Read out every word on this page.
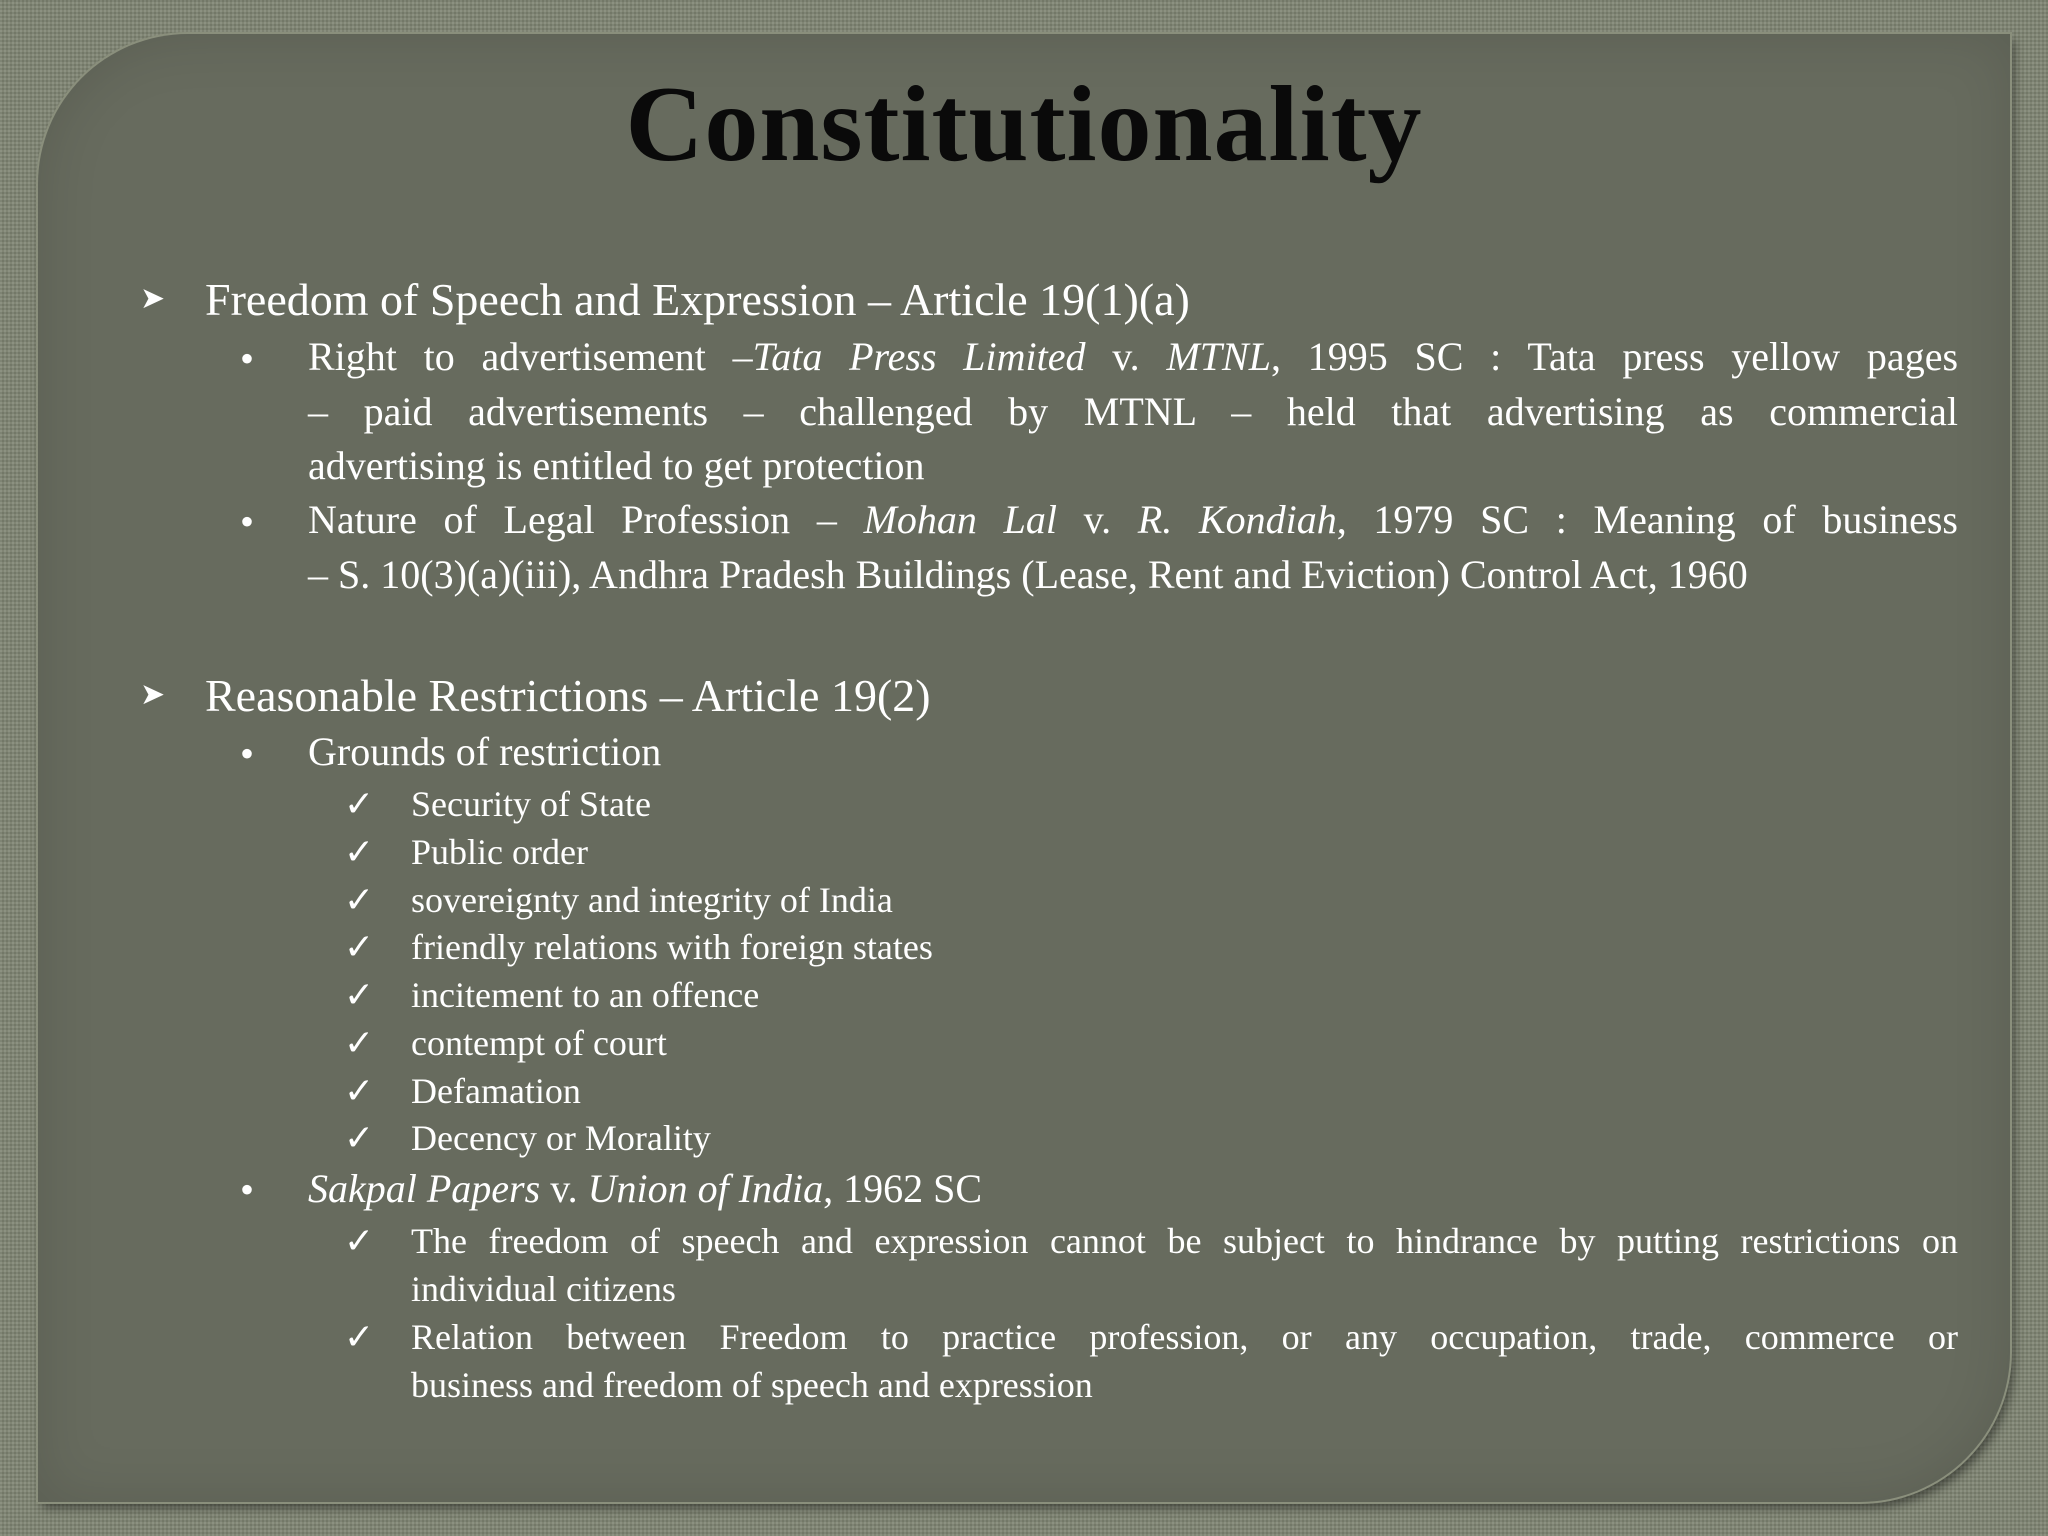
Constitutionality
➤ Freedom of Speech and Expression – Article 19(1)(a)
• Right to advertisement –Tata Press Limited v. MTNL, 1995 SC : Tata press yellow pages
– paid advertisements – challenged by MTNL – held that advertising as commercial
advertising is entitled to get protection
• Nature of Legal Profession – Mohan Lal v. R. Kondiah, 1979 SC : Meaning of business
– S. 10(3)(a)(iii), Andhra Pradesh Buildings (Lease, Rent and Eviction) Control Act, 1960
➤ Reasonable Restrictions – Article 19(2)
• Grounds of restriction
✓ Security of State
✓ Public order
✓ sovereignty and integrity of India
✓ friendly relations with foreign states
✓ incitement to an offence
✓ contempt of court
✓ Defamation
✓ Decency or Morality
• Sakpal Papers v. Union of India, 1962 SC
✓ The freedom of speech and expression cannot be subject to hindrance by putting restrictions on
individual citizens
✓ Relation between Freedom to practice profession, or any occupation, trade, commerce or
business and freedom of speech and expression
